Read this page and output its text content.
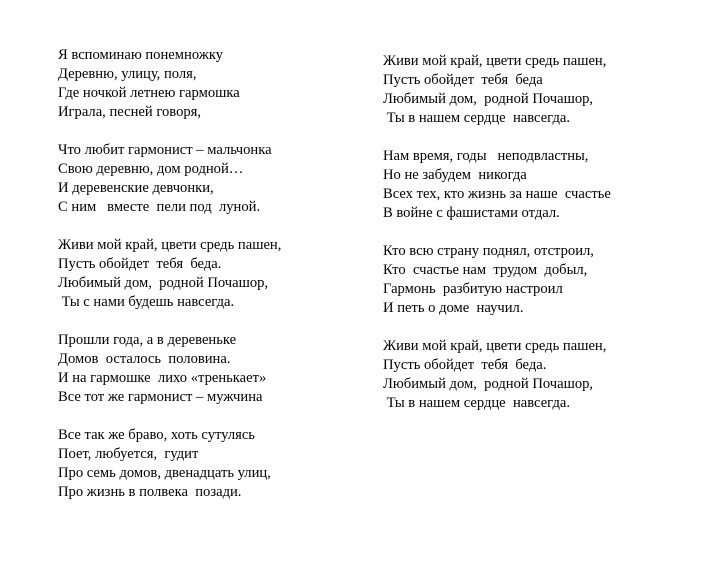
Я вспоминаю понемножку
Деревню, улицу, поля,
Где ночкой летнею гармошка
Играла, песней говоря,
Что любит гармонист – мальчонка
Свою деревню, дом родной…
И деревенские девчонки,
С ним   вместе  пели под  луной.
Живи мой край, цвети средь пашен,
Пусть обойдет  тебя  беда.
Любимый дом,  родной Почашор,
Ты с нами будешь навсегда.
Прошли года, а в деревеньке
Домов  осталось  половина.
И на гармошке  лихо «тренькает»
Все тот же гармонист – мужчина
Все так же браво, хоть сутулясь
Поет, любуется,  гудит
Про семь домов, двенадцать улиц,
Про жизнь в полвека  позади.
Живи мой край, цвети средь пашен,
Пусть обойдет  тебя  беда
Любимый дом,  родной Почашор,
Ты в нашем сердце  навсегда.
Нам время, годы   неподвластны,
Но не забудем  никогда
Всех тех, кто жизнь за наше  счастье
В войне с фашистами отдал.
Кто всю страну поднял, отстроил,
Кто  счастье нам  трудом  добыл,
Гармонь  разбитую настроил
И петь о доме  научил.
Живи мой край, цвети средь пашен,
Пусть обойдет  тебя  беда.
Любимый дом,  родной Почашор,
Ты в нашем сердце  навсегда.
